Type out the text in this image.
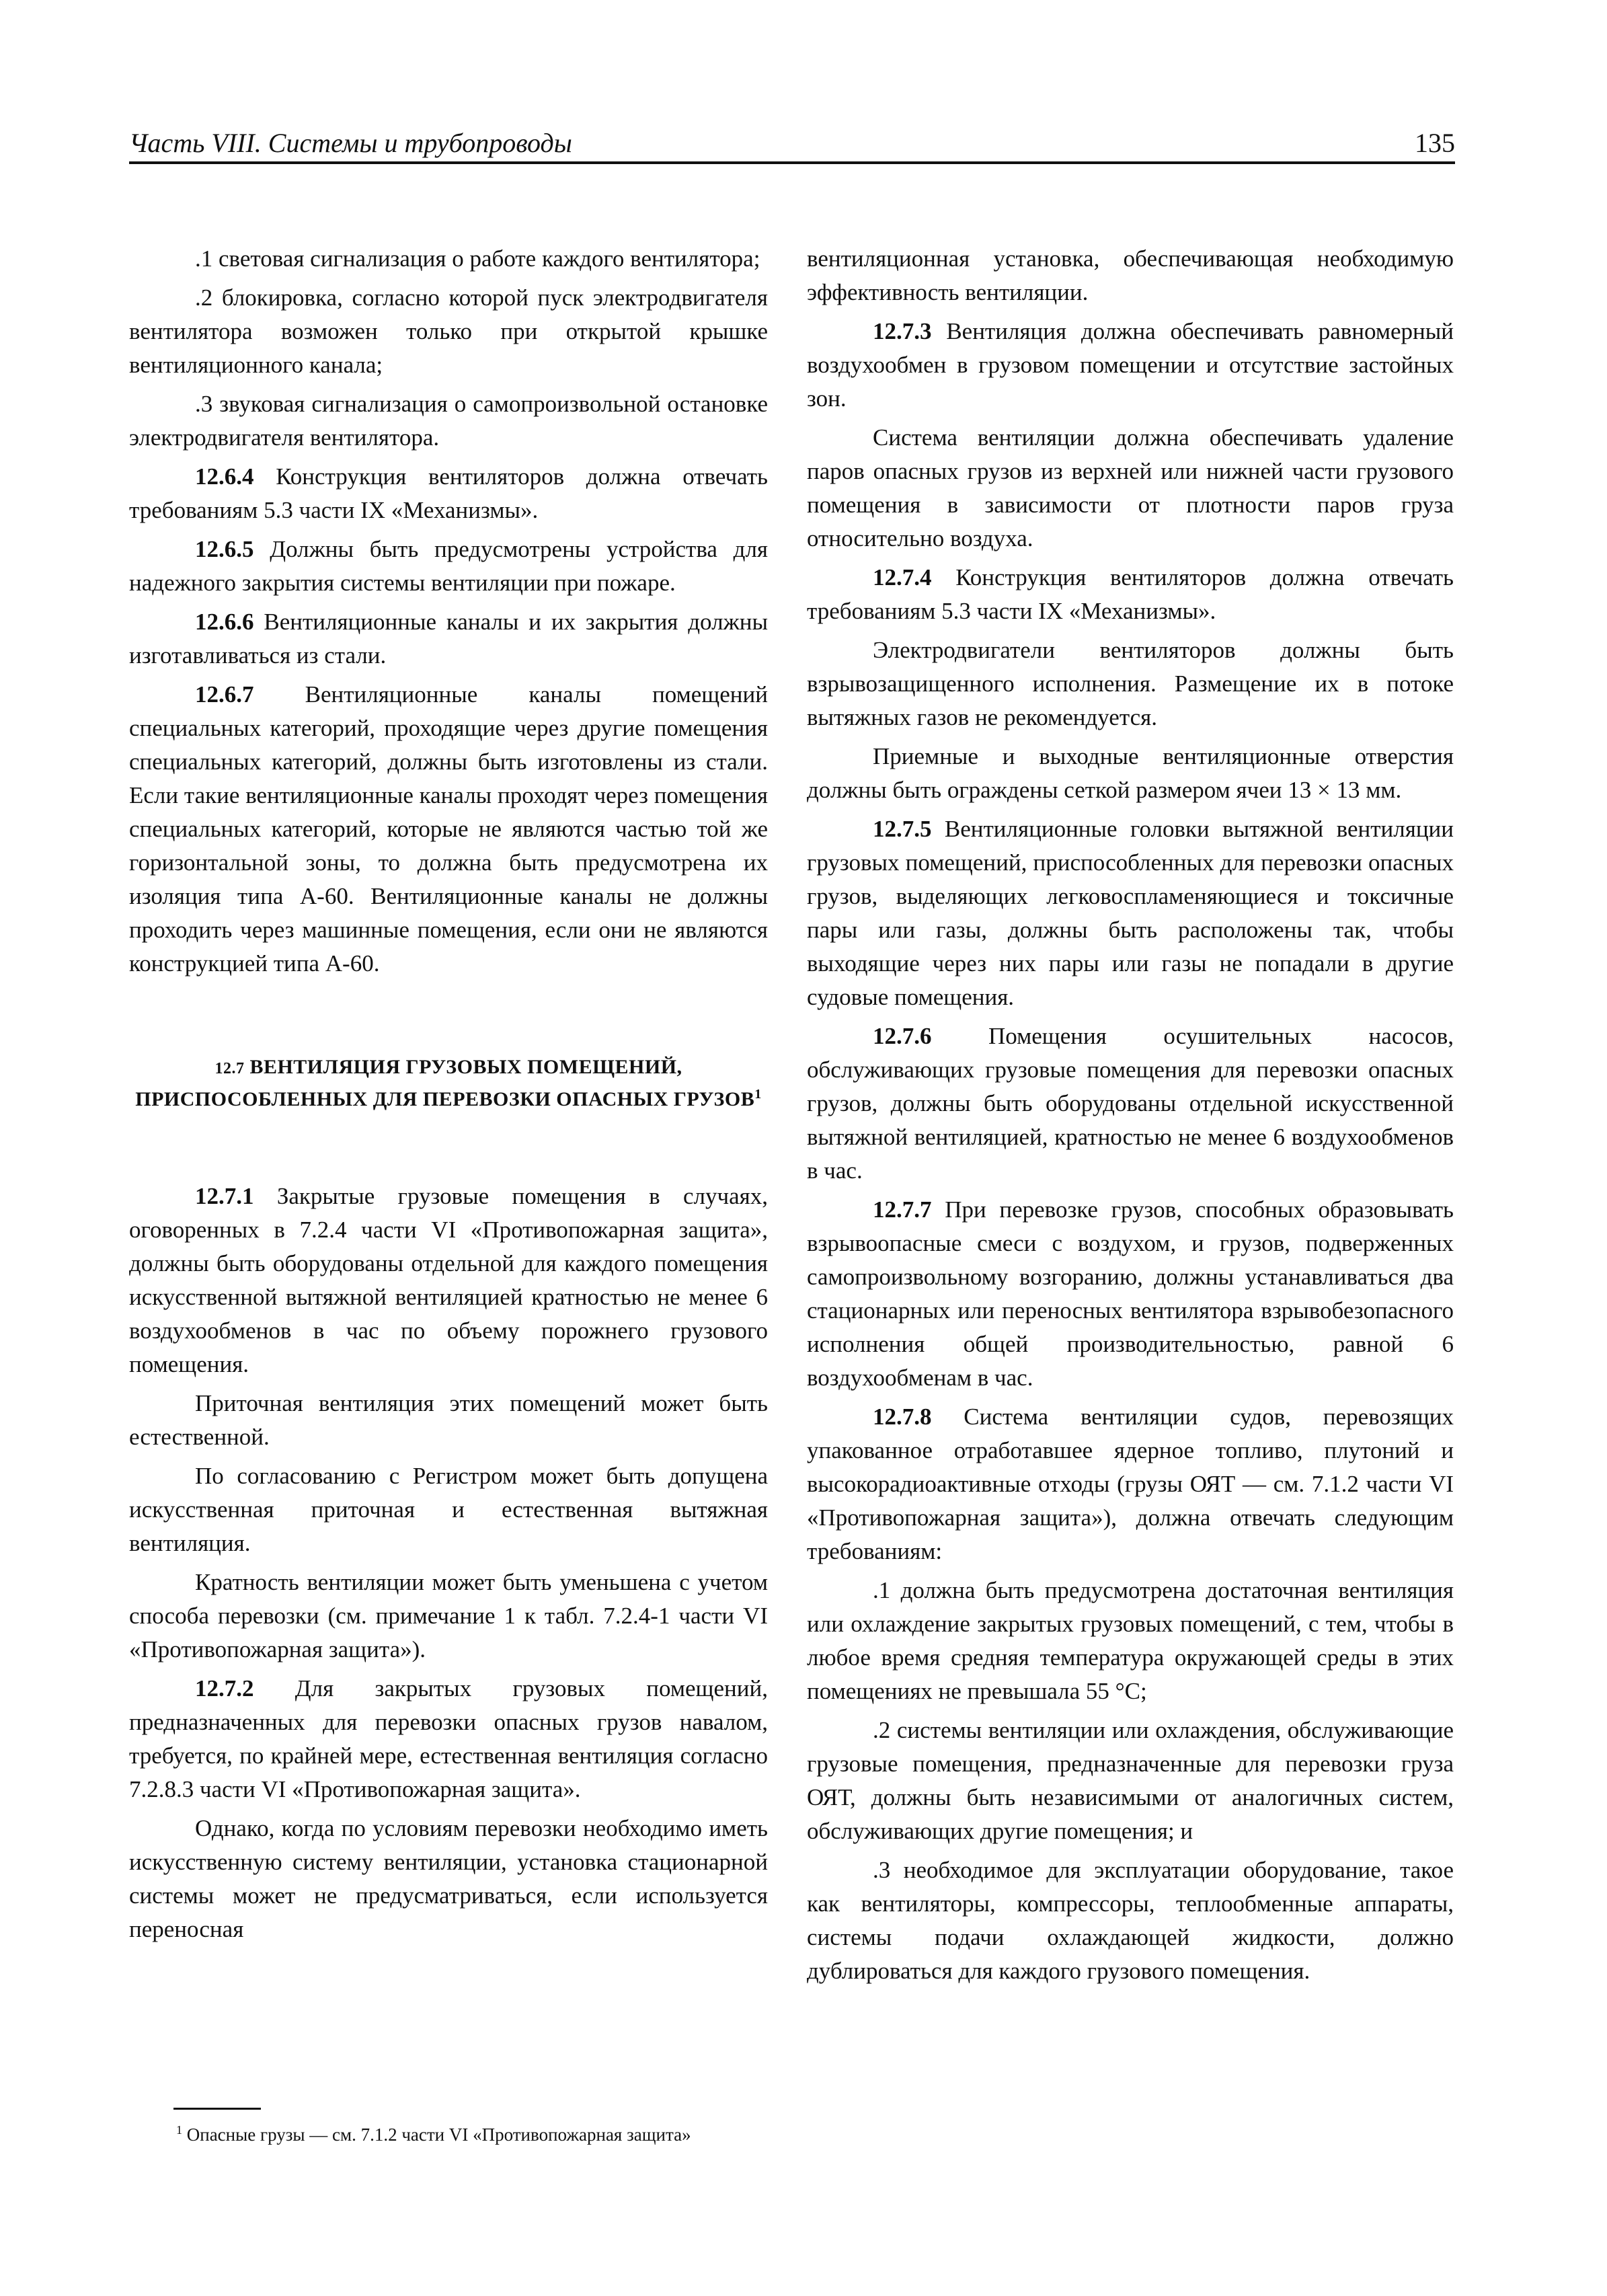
Часть VIII. Системы и трубопроводы	135

.1 световая сигнализация о работе каждого вентилятора;

.2 блокировка, согласно которой пуск электродвигателя вентилятора возможен только при открытой крышке вентиляционного канала;

.3 звуковая сигнализация о самопроизвольной остановке электродвигателя вентилятора.

12.6.4 Конструкция вентиляторов должна отвечать требованиям 5.3 части IX «Механизмы».

12.6.5 Должны быть предусмотрены устройства для надежного закрытия системы вентиляции при пожаре.

12.6.6 Вентиляционные каналы и их закрытия должны изготавливаться из стали.

12.6.7 Вентиляционные каналы помещений специальных категорий, проходящие через другие помещения специальных категорий, должны быть изготовлены из стали. Если такие вентиляционные каналы проходят через помещения специальных категорий, которые не являются частью той же горизонтальной зоны, то должна быть предусмотрена их изоляция типа А-60. Вентиляционные каналы не должны проходить через машинные помещения, если они не являются конструкцией типа А-60.

12.7 ВЕНТИЛЯЦИЯ ГРУЗОВЫХ ПОМЕЩЕНИЙ, ПРИСПОСОБЛЕННЫХ ДЛЯ ПЕРЕВОЗКИ ОПАСНЫХ ГРУЗОВ$^1$

12.7.1 Закрытые грузовые помещения в случаях, оговоренных в 7.2.4 части VI «Противопожарная защита», должны быть оборудованы отдельной для каждого помещения искусственной вытяжной вентиляцией кратностью не менее 6 воздухообменов в час по объему порожнего грузового помещения.

Приточная вентиляция этих помещений может быть естественной.

По согласованию с Регистром может быть допущена искусственная приточная и естественная вытяжная вентиляция.

Кратность вентиляции может быть уменьшена с учетом способа перевозки (см. примечание 1 к табл. 7.2.4-1 части VI «Противопожарная защита»).

12.7.2 Для закрытых грузовых помещений, предназначенных для перевозки опасных грузов навалом, требуется, по крайней мере, естественная вентиляция согласно 7.2.8.3 части VI «Противопожарная защита».

Однако, когда по условиям перевозки необходимо иметь искусственную систему вентиляции, установка стационарной системы может не предусматриваться, если используется переносная

$^1$ Опасные грузы — см. 7.1.2 части VI «Противопожарная защита»

вентиляционная установка, обеспечивающая необходимую эффективность вентиляции.

12.7.3 Вентиляция должна обеспечивать равномерный воздухообмен в грузовом помещении и отсутствие застойных зон.

Система вентиляции должна обеспечивать удаление паров опасных грузов из верхней или нижней части грузового помещения в зависимости от плотности паров груза относительно воздуха.

12.7.4 Конструкция вентиляторов должна отвечать требованиям 5.3 части IX «Механизмы».

Электродвигатели вентиляторов должны быть взрывозащищенного исполнения. Размещение их в потоке вытяжных газов не рекомендуется.

Приемные и выходные вентиляционные отверстия должны быть ограждены сеткой размером ячеи 13 × 13 мм.

12.7.5 Вентиляционные головки вытяжной вентиляции грузовых помещений, приспособленных для перевозки опасных грузов, выделяющих легковоспламеняющиеся и токсичные пары или газы, должны быть расположены так, чтобы выходящие через них пары или газы не попадали в другие судовые помещения.

12.7.6 Помещения осушительных насосов, обслуживающих грузовые помещения для перевозки опасных грузов, должны быть оборудованы отдельной искусственной вытяжной вентиляцией, кратностью не менее 6 воздухообменов в час.

12.7.7 При перевозке грузов, способных образовывать взрывоопасные смеси с воздухом, и грузов, подверженных самопроизвольному возгоранию, должны устанавливаться два стационарных или переносных вентилятора взрывобезопасного исполнения общей производительностью, равной 6 воздухообменам в час.

12.7.8 Система вентиляции судов, перевозящих упакованное отработавшее ядерное топливо, плутоний и высокорадиоактивные отходы (грузы ОЯТ — см. 7.1.2 части VI «Противопожарная защита»), должна отвечать следующим требованиям:

.1 должна быть предусмотрена достаточная вентиляция или охлаждение закрытых грузовых помещений, с тем, чтобы в любое время средняя температура окружающей среды в этих помещениях не превышала 55 °C;

.2 системы вентиляции или охлаждения, обслуживающие грузовые помещения, предназначенные для перевозки груза ОЯТ, должны быть независимыми от аналогичных систем, обслуживающих другие помещения; и

.3 необходимое для эксплуатации оборудование, такое как вентиляторы, компрессоры, теплообменные аппараты, системы подачи охлаждающей жидкости, должно дублироваться для каждого грузового помещения.
